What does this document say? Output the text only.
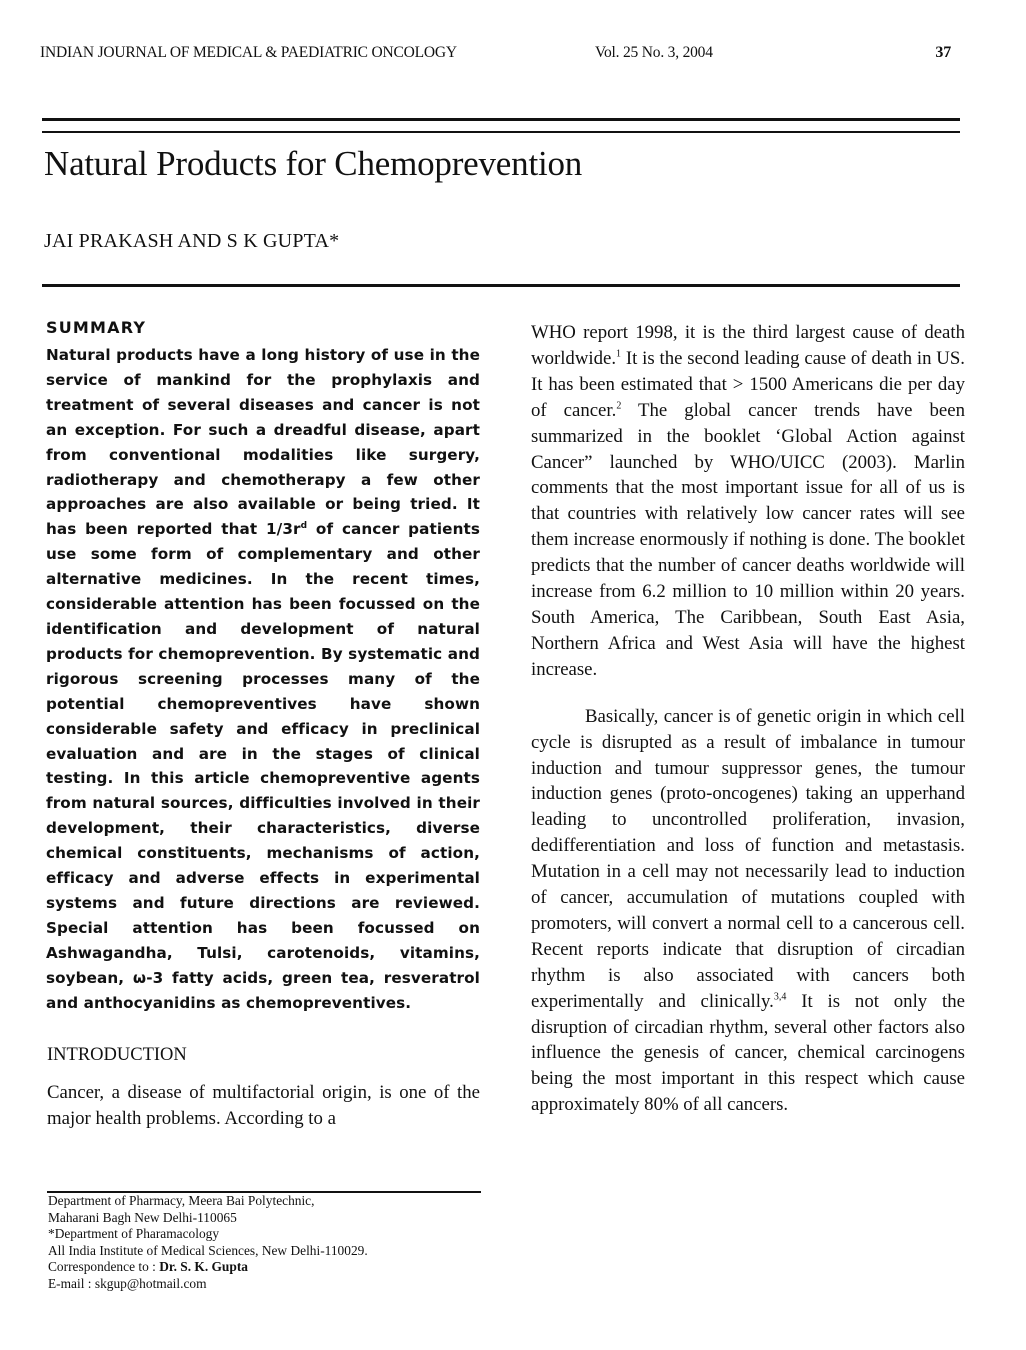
INDIAN JOURNAL OF MEDICAL & PAEDIATRIC ONCOLOGY	Vol. 25 No. 3, 2004	37
Natural Products for Chemoprevention
JAI PRAKASH AND S K GUPTA*
SUMMARY

Natural products have a long history of use in the service of mankind for the prophylaxis and treatment of several diseases and cancer is not an exception. For such a dreadful disease, apart from conventional modalities like surgery, radiotherapy and chemotherapy a few other approaches are also available or being tried. It has been reported that $1/3r^d$ of cancer patients use some form of complementary and other alternative medicines. In the recent times, considerable attention has been focussed on the identification and development of natural products for chemoprevention. By systematic and rigorous screening processes many of the potential chemopreventives have shown considerable safety and efficacy in preclinical evaluation and are in the stages of clinical testing. In this article chemopreventive agents from natural sources, difficulties involved in their development, their characteristics, diverse chemical constituents, mechanisms of action, efficacy and adverse effects in experimental systems and future directions are reviewed. Special attention has been focussed on Ashwagandha, Tulsi, carotenoids, vitamins, soybean, ω-3 fatty acids, green tea, resveratrol and anthocyanidins as chemopreventives.

INTRODUCTION

Cancer, a disease of multifactorial origin, is one of the major health problems. According to a

Department of Pharmacy, Meera Bai Polytechnic,
Maharani Bagh New Delhi-110065
*Department of Pharamacology
All India Institute of Medical Sciences, New Delhi-110029.
Correspondence to : Dr. S. K. Gupta
E-mail : skgup@hotmail.com

WHO report 1998, it is the third largest cause of death worldwide.$^1$ It is the second leading cause of death in US. It has been estimated that > 1500 Americans die per day of cancer.$^2$ The global cancer trends have been summarized in the booklet ‘Global Action against Cancer” launched by WHO/UICC (2003). Marlin comments that the most important issue for all of us is that countries with relatively low cancer rates will see them increase enormously if nothing is done. The booklet predicts that the number of cancer deaths worldwide will increase from 6.2 million to 10 million within 20 years. South America, The Caribbean, South East Asia, Northern Africa and West Asia will have the highest increase.

Basically, cancer is of genetic origin in which cell cycle is disrupted as a result of imbalance in tumour induction and tumour suppressor genes, the tumour induction genes (proto-oncogenes) taking an upperhand leading to uncontrolled proliferation, invasion, dedifferentiation and loss of function and metastasis. Mutation in a cell may not necessarily lead to induction of cancer, accumulation of mutations coupled with promoters, will convert a normal cell to a cancerous cell. Recent reports indicate that disruption of circadian rhythm is also associated with cancers both experimentally and clinically.$^{3,4}$ It is not only the disruption of circadian rhythm, several other factors also influence the genesis of cancer, chemical carcinogens being the most important in this respect which cause approximately 80% of all cancers.
